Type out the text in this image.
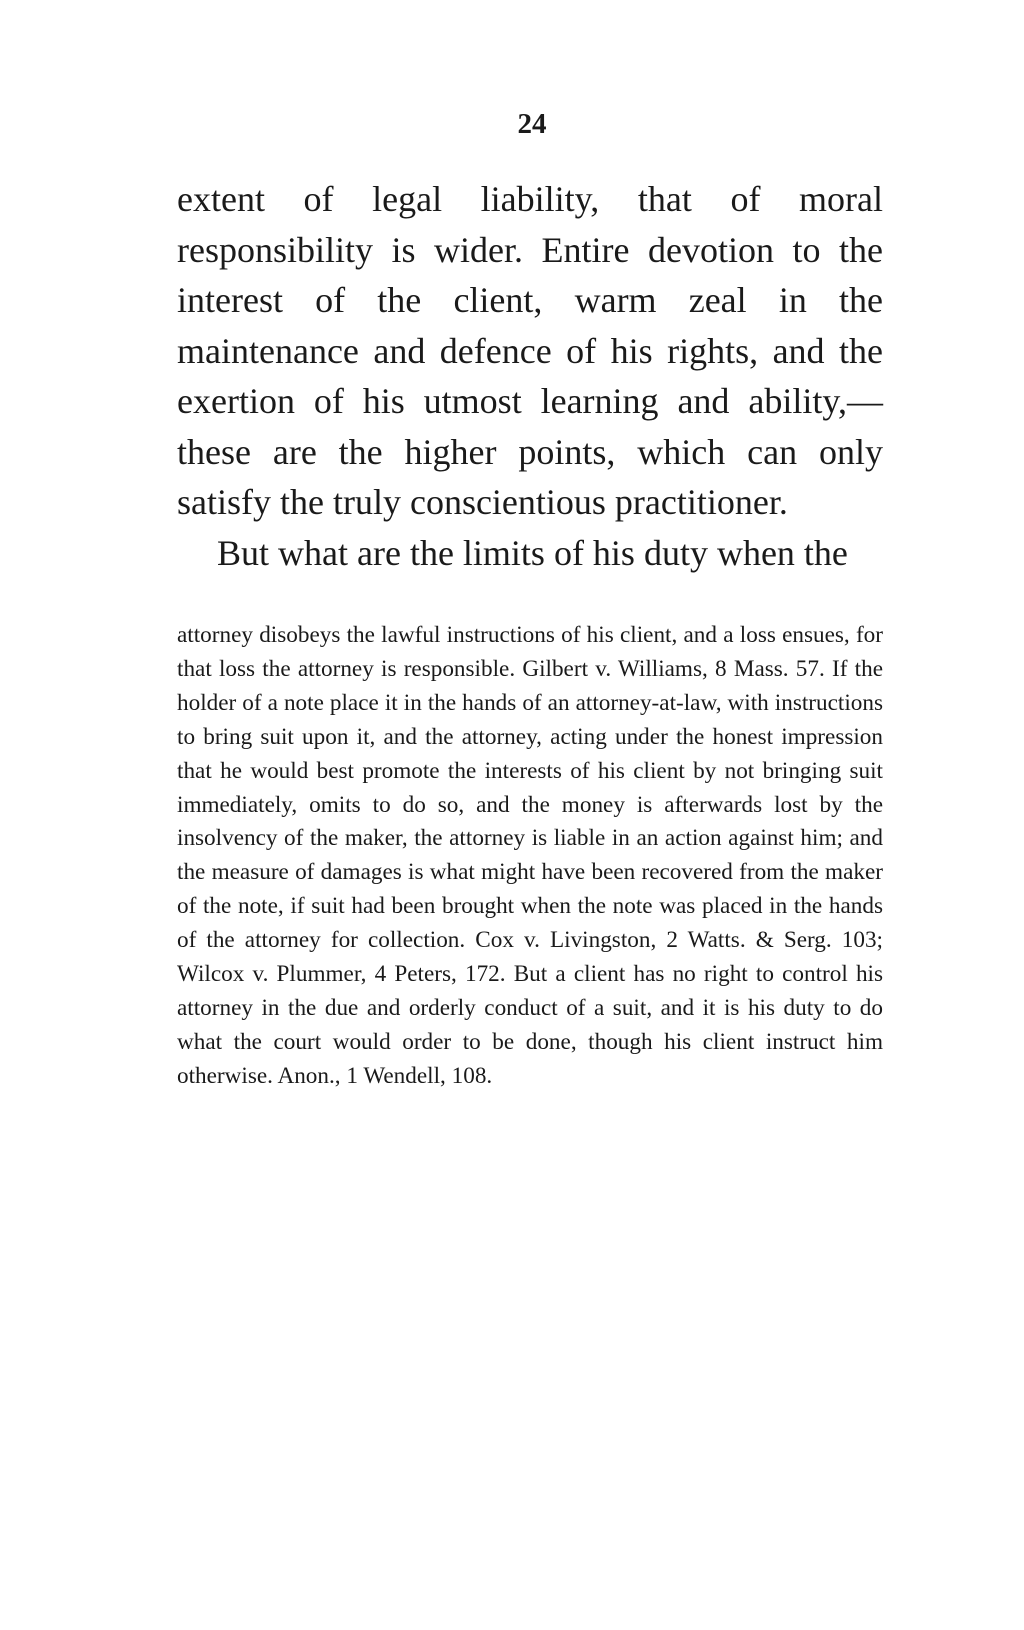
24

extent of legal liability, that of moral responsibility is wider. Entire devotion to the interest of the client, warm zeal in the maintenance and defence of his rights, and the exertion of his utmost learning and ability,—these are the higher points, which can only satisfy the truly conscientious practitioner.

But what are the limits of his duty when the

attorney disobeys the lawful instructions of his client, and a loss ensues, for that loss the attorney is responsible. Gilbert v. Williams, 8 Mass. 57. If the holder of a note place it in the hands of an attorney-at-law, with instructions to bring suit upon it, and the attorney, acting under the honest impression that he would best promote the interests of his client by not bringing suit immediately, omits to do so, and the money is afterwards lost by the insolvency of the maker, the attorney is liable in an action against him; and the measure of damages is what might have been recovered from the maker of the note, if suit had been brought when the note was placed in the hands of the attorney for collection. Cox v. Livingston, 2 Watts. & Serg. 103; Wilcox v. Plummer, 4 Peters, 172. But a client has no right to control his attorney in the due and orderly conduct of a suit, and it is his duty to do what the court would order to be done, though his client instruct him otherwise. Anon., 1 Wendell, 108.
